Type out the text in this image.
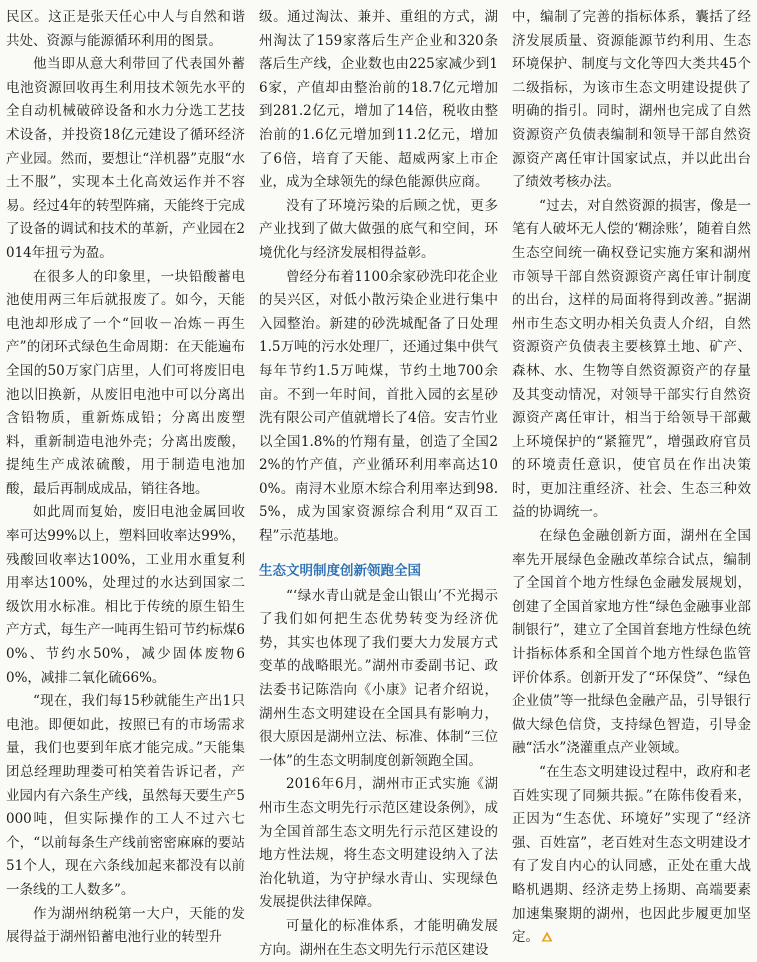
民区。这正是张天任心中人与自然和谐共处、资源与能源循环利用的图景。

他当即从意大利带回了代表国外蓄电池资源回收再生利用技术领先水平的全自动机械破碎设备和水力分选工艺技术设备，并投资18亿元建设了循环经济产业园。然而，要想让“洋机器”克服“水土不服”，实现本土化高效运作并不容易。经过4年的转型阵痛，天能终于完成了设备的调试和技术的革新，产业园在2014年扭亏为盈。

在很多人的印象里，一块铅酸蓄电池使用两三年后就报废了。如今，天能电池却形成了一个“回收－冶炼－再生产”的闭环式绿色生命周期：在天能遍布全国的50万家门店里，人们可将废旧电池以旧换新，从废旧电池中可以分离出含铅物质，重新炼成铅；分离出废塑料，重新制造电池外壳；分离出废酸，提纯生产成浓硫酸，用于制造电池加酸，最后再制成成品，销往各地。

如此周而复始，废旧电池金属回收率可达99%以上，塑料回收率达99%，残酸回收率达100%，工业用水重复利用率达100%，处理过的水达到国家二级饮用水标准。相比于传统的原生铅生产方式，每生产一吨再生铅可节约标煤60%、节约水50%，减少固体废物60%，减排二氧化硫66%。

“现在，我们每15秒就能生产出1只电池。即便如此，按照已有的市场需求量，我们也要到年底才能完成。”天能集团总经理助理娄可柏笑着告诉记者，产业园内有六条生产线，虽然每天要生产5000吨，但实际操作的工人不过六七个，“以前每条生产线前密密麻麻的要站51个人，现在六条线加起来都没有以前一条线的工人数多”。

作为湖州纳税第一大户，天能的发展得益于湖州铅蓄电池行业的转型升

级。通过淘汰、兼并、重组的方式，湖州淘汰了159家落后生产企业和320条落后生产线，企业数也由225家减少到16家，产值却由整治前的18.7亿元增加到281.2亿元，增加了14倍，税收由整治前的1.6亿元增加到11.2亿元，增加了6倍，培育了天能、超威两家上市企业，成为全球领先的绿色能源供应商。

没有了环境污染的后顾之忧，更多产业找到了做大做强的底气和空间，环境优化与经济发展相得益彰。

曾经分布着1100余家砂洗印花企业的吴兴区，对低小散污染企业进行集中入园整治。新建的砂洗城配备了日处理1.5万吨的污水处理厂，还通过集中供气每年节约1.5万吨煤，节约土地700余亩。不到一年时间，首批入园的玄星砂洗有限公司产值就增长了4倍。安吉竹业以全国1.8%的竹翔有量，创造了全国22%的竹产值，产业循环利用率高达100%。南浔木业原木综合利用率达到98.5%，成为国家资源综合利用“双百工程”示范基地。

生态文明制度创新领跑全国

“‘绿水青山就是金山银山’不光揭示了我们如何把生态优势转变为经济优势，其实也体现了我们要大力发展方式变革的战略眼光。”湖州市委副书记、政法委书记陈浩向《小康》记者介绍说，湖州生态文明建设在全国具有影响力，很大原因是湖州立法、标准、体制“三位一体”的生态文明制度创新领跑全国。

2016年6月，湖州市正式实施《湖州市生态文明先行示范区建设条例》，成为全国首部生态文明先行示范区建设的地方性法规，将生态文明建设纳入了法治化轨道，为守护绿水青山、实现绿色发展提供法律保障。

可量化的标准体系，才能明确发展方向。湖州在生态文明先行示范区建设

中，编制了完善的指标体系，囊括了经济发展质量、资源能源节约利用、生态环境保护、制度与文化等四大类共45个二级指标，为该市生态文明建设提供了明确的指引。同时，湖州也完成了自然资源资产负债表编制和领导干部自然资源资产离任审计国家试点，并以此出台了绩效考核办法。

“过去，对自然资源的损害，像是一笔有人破坏无人偿的‘糊涂账’，随着自然生态空间统一确权登记实施方案和湖州市领导干部自然资源资产离任审计制度的出台，这样的局面将得到改善。”据湖州市生态文明办相关负责人介绍，自然资源资产负债表主要核算土地、矿产、森林、水、生物等自然资源资产的存量及其变动情况，对领导干部实行自然资源资产离任审计，相当于给领导干部戴上环境保护的“紧箍咒”，增强政府官员的环境责任意识，使官员在作出决策时，更加注重经济、社会、生态三种效益的协调统一。

在绿色金融创新方面，湖州在全国率先开展绿色金融改革综合试点，编制了全国首个地方性绿色金融发展规划，创建了全国首家地方性“绿色金融事业部制银行”，建立了全国首套地方性绿色统计指标体系和全国首个地方性绿色监管评价体系。创新开发了“环保贷”、“绿色企业债”等一批绿色金融产品，引导银行做大绿色信贷，支持绿色智造，引导金融“活水”浇灌重点产业领域。

“在生态文明建设过程中，政府和老百姓实现了同频共振。”在陈伟俊看来，正因为“生态优、环境好”实现了“经济强、百姓富”，老百姓对生态文明建设才有了发自内心的认同感，正处在重大战略机遇期、经济走势上扬期、高端要素加速集聚期的湖州，也因此步履更加坚定。
